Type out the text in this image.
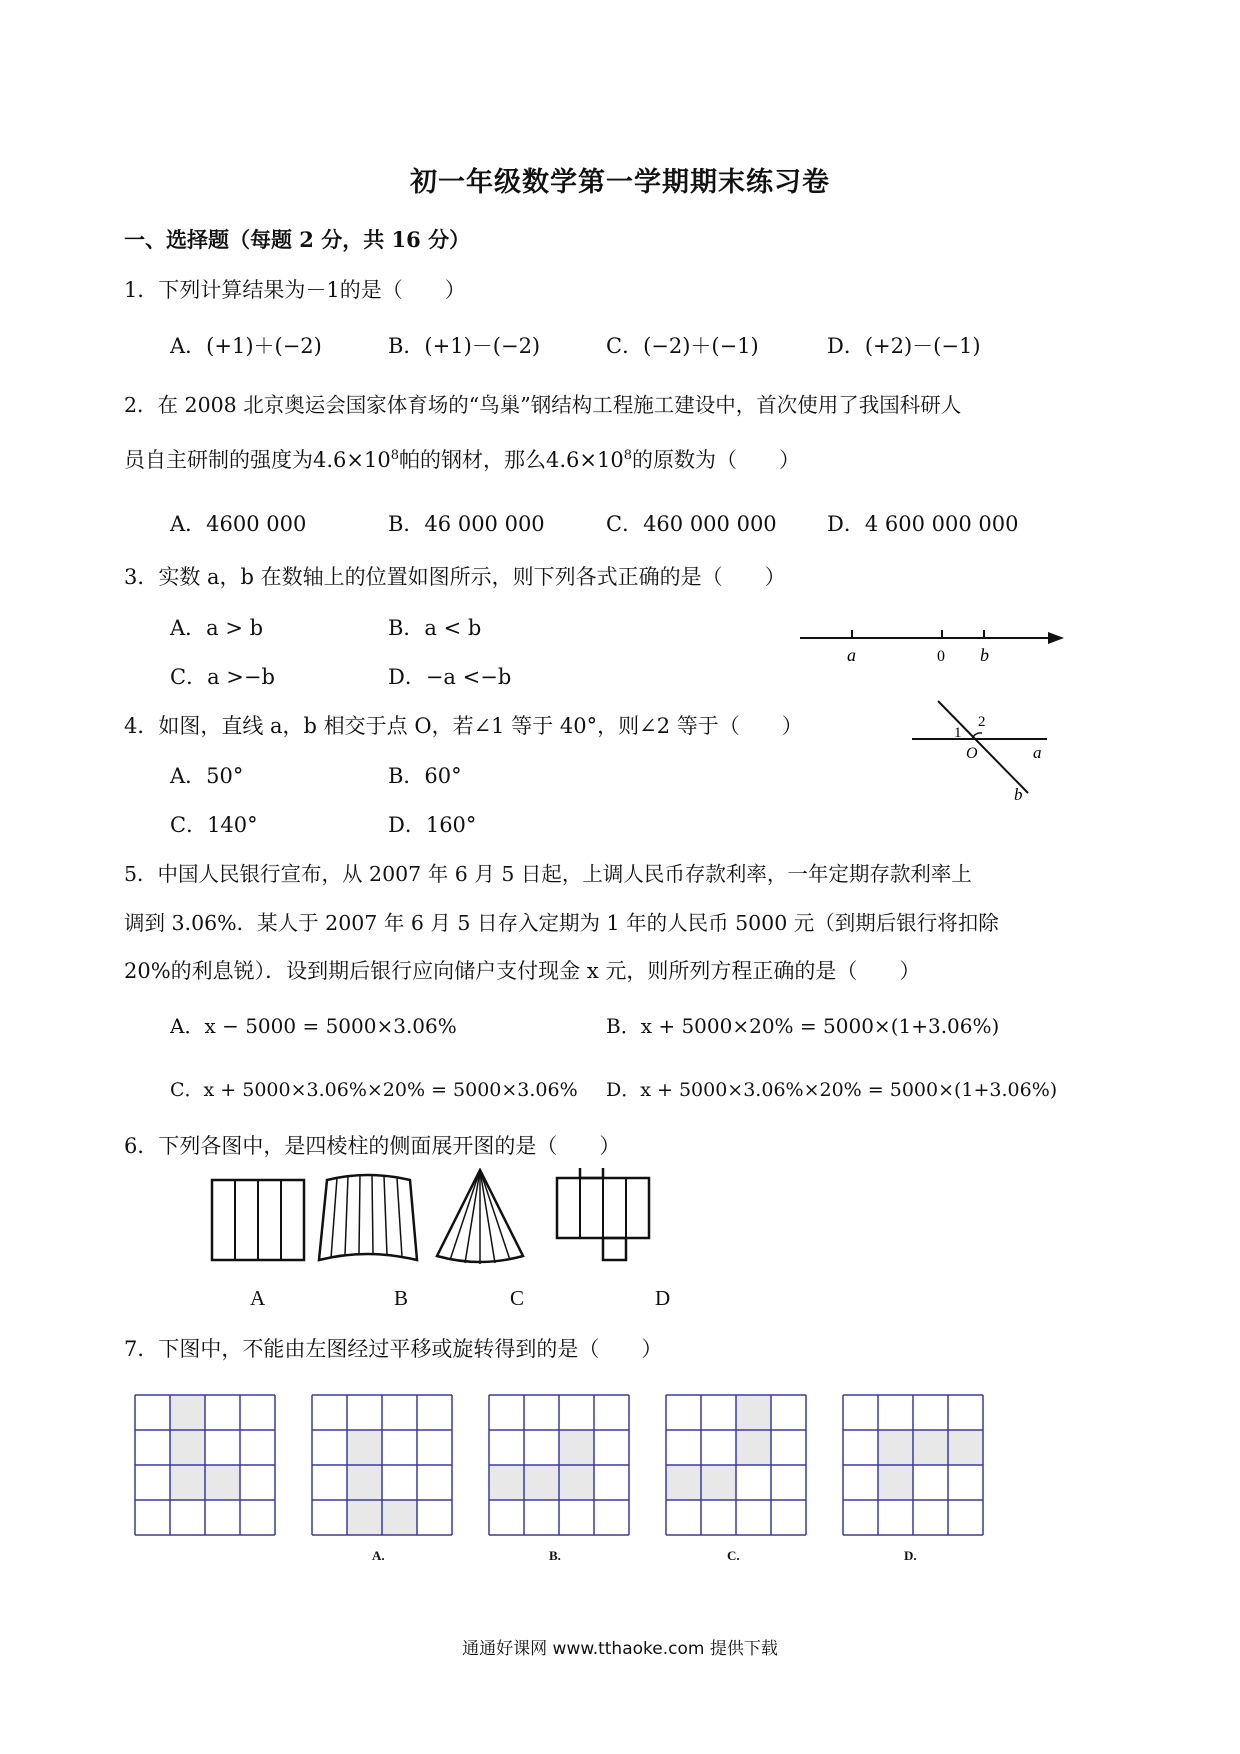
初一年级数学第一学期期末练习卷
一、选择题（每题 2 分，共 16 分）
1．下列计算结果为－1的是（　　）
A．(+1)＋(−2)	B．(+1)－(−2)	C．(−2)＋(−1)	D．(+2)－(−1)
2．在 2008 北京奥运会国家体育场的“鸟巢”钢结构工程施工建设中，首次使用了我国科研人
员自主研制的强度为$4.6\times 10^8$帕的钢材，那么$4.6\times 10^8$的原数为（　　）
A．4600 000	B．46 000 000	C．460 000 000 D．4 600 000 000
3．实数 a，b 在数轴上的位置如图所示，则下列各式正确的是（　　）
A．a > b	B．a < b
C．a >−b	D．−a <−b
a	0 b
4．如图，直线 a，b 相交于点 O，若∠1 等于 40°，则∠2 等于（　　）
A．50°	B．60°
C．140°	D．160°
1
2
O	a
b
5．中国人民银行宣布，从 2007 年 6 月 5 日起，上调人民币存款利率，一年定期存款利率上
调到 3.06%．某人于 2007 年 6 月 5 日存入定期为 1 年的人民币 5000 元（到期后银行将扣除
20%的利息锐）．设到期后银行应向储户支付现金 x 元，则所列方程正确的是（　　）
A．x − 5000 = 5000×3.06%	B．x + 5000×20% = 5000×(1+3.06%)
C．x + 5000×3.06%×20% = 5000×3.06% D．x + 5000×3.06%×20% = 5000×(1+3.06%)
6．下列各图中，是四棱柱的侧面展开图的是（　　）
A	B	C	D
7．下图中，不能由左图经过平移或旋转得到的是（　　）
A.	B.	C.	D.
通通好课网 www.tthaoke.com 提供下载
